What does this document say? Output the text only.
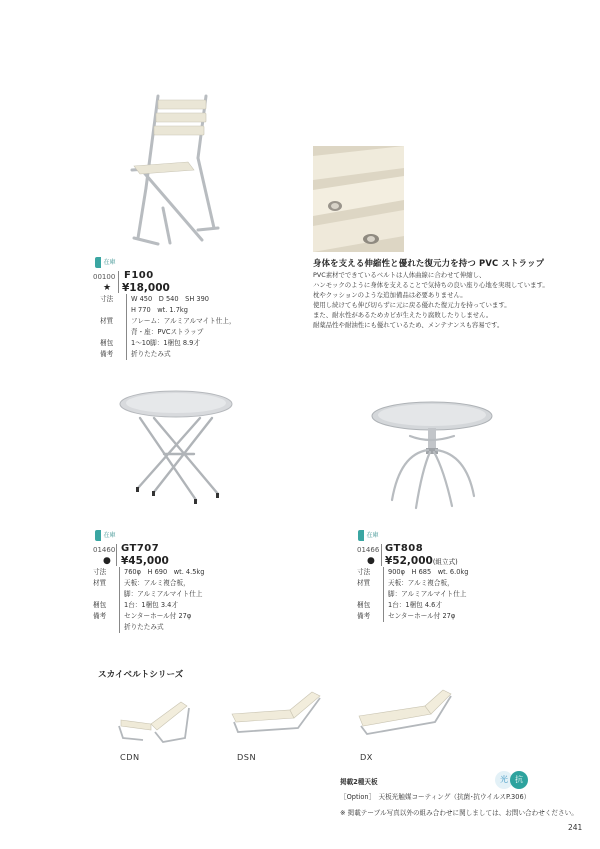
在庫
00100 F100
★ ¥18,000
寸法	W 450　D 540　SH 390
H 770　wt. 1.7kg
材質	フレーム：アルミアルマイト仕上，
背・座：PVCストラップ
梱包	1～10脚：1梱包 8.9才
備考	折りたたみ式
身体を支える伸縮性と優れた復元力を持つ PVC ストラップ
PVC素材でできているベルトは人体曲線に合わせて伸縮し、
ハンモックのように身体を支えることで気持ちの良い座り心地を実現しています。
枕やクッションのような追加備品は必要ありません。
使用し続けても伸び切らずに元に戻る優れた復元力を持っています。
また、耐水性があるためカビが生えたり腐敗したりしません。
耐薬品性や耐油性にも優れているため、メンテナンスも容易です。
在庫
01460 GT707
● ¥45,000
寸法	760φ　H 690　wt. 4.5kg
材質	天板：アルミ複合板，
脚：アルミアルマイト仕上
梱包	1台：1梱包 3.4才
備考	センターホール付 27φ
折りたたみ式
在庫
01466 GT808
● ¥52,000(組立式)
寸法	900φ　H 685　wt. 6.0kg
材質	天板：アルミ複合板，
脚：アルミアルマイト仕上
梱包	1台：1梱包 4.6才
備考	センターホール付 27φ
スカイベルトシリーズ
CDN	DSN	DX
掲載2種天板	光 抗
［Option］　天板光触媒コーティング（抗菌･抗ウイルスP.306）
※ 掲載テーブル写真以外の組み合わせに関しましては、お問い合わせください。
241
